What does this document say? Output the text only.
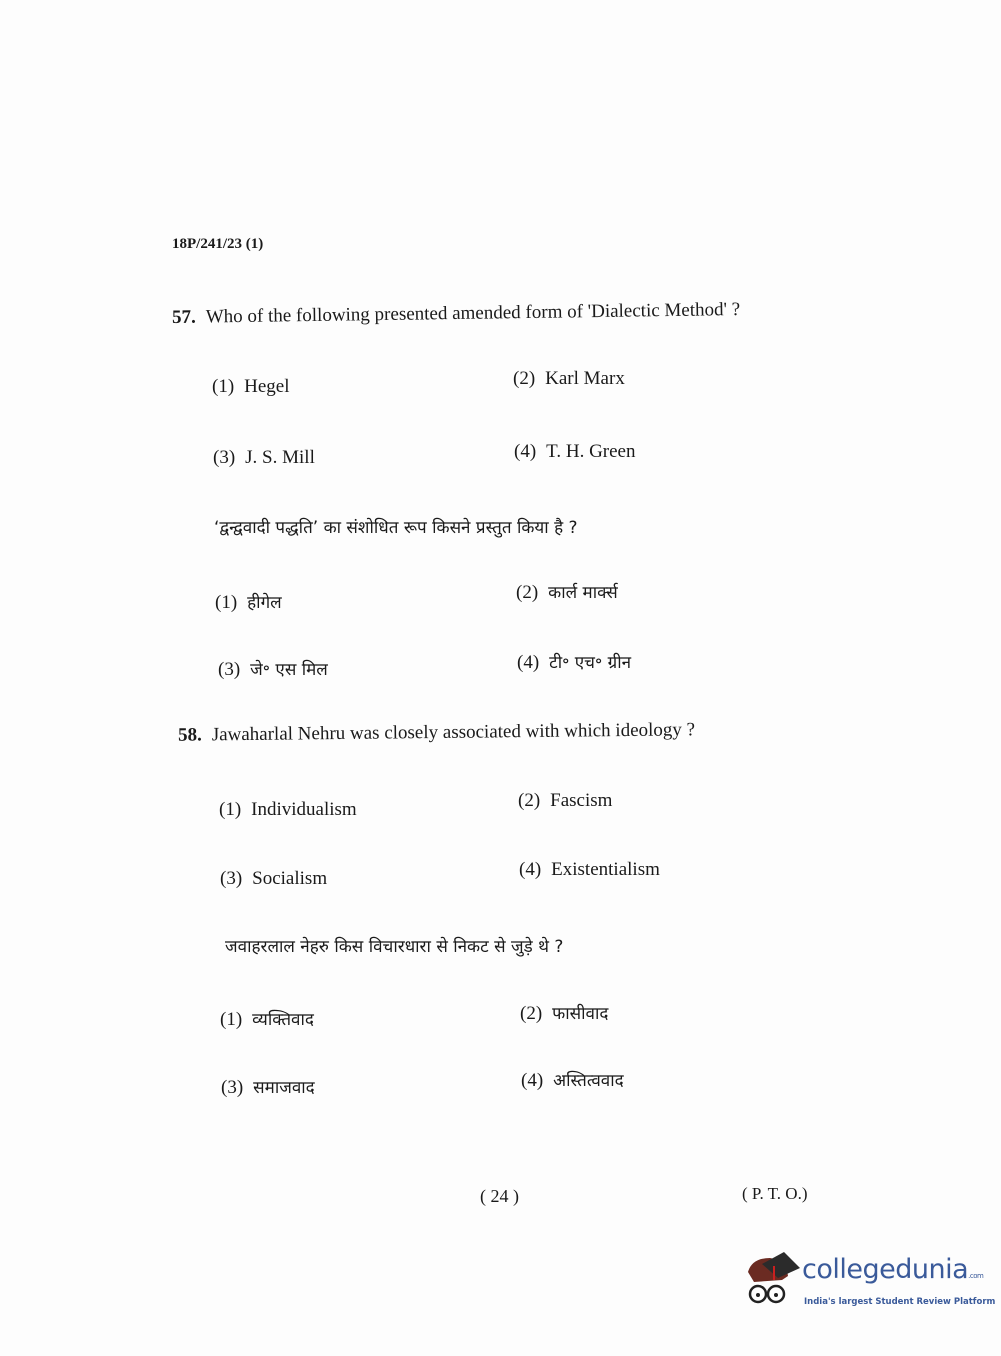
18P/241/23 (1)
57. Who of the following presented amended form of 'Dialectic Method' ?
(1) Hegel	(2) Karl Marx
(3) J. S. Mill	(4) T. H. Green
‘द्वन्द्ववादी पद्धति’ का संशोधित रूप किसने प्रस्तुत किया है ?
(1) हीगेल	(2) कार्ल मार्क्स
(3) जे॰ एस मिल	(4) टी॰ एच॰ ग्रीन
58. Jawaharlal Nehru was closely associated with which ideology ?
(1) Individualism	(2) Fascism
(3) Socialism	(4) Existentialism
जवाहरलाल नेहरु किस विचारधारा से निकट से जुड़े थे ?
(1) व्यक्तिवाद	(2) फासीवाद
(3) समाजवाद	(4) अस्तित्ववाद
( 24 )	( P. T. O.)
collegedunia.com
India's largest Student Review Platform
